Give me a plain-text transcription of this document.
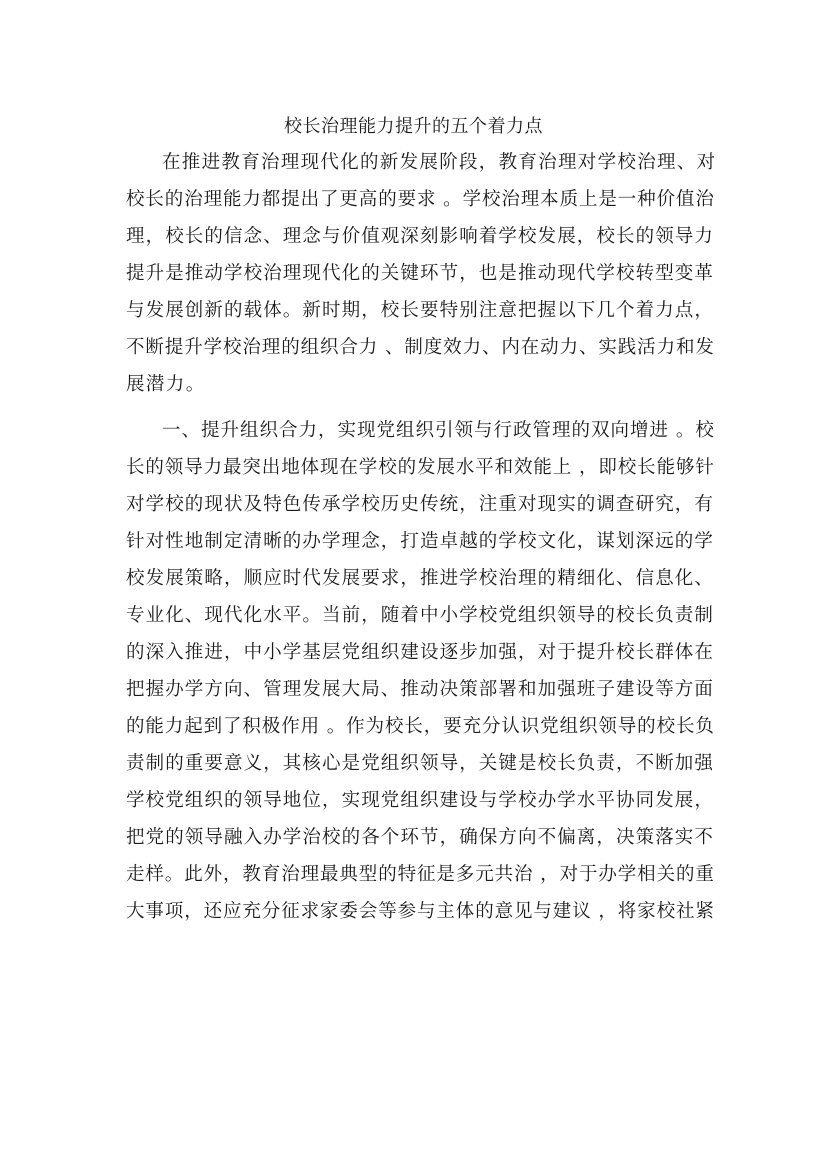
校长治理能力提升的五个着力点

在推进教育治理现代化的新发展阶段，教育治理对学校治理、对

校长的治理能力都提出了更高的要求 。学校治理本质上是一种价值治

理，校长的信念、理念与价值观深刻影响着学校发展，校长的领导力

提升是推动学校治理现代化的关键环节，也是推动现代学校转型变革

与发展创新的载体。新时期，校长要特别注意把握以下几个着力点，

不断提升学校治理的组织合力 、制度效力、内在动力、实践活力和发

展潜力。

一、提升组织合力，实现党组织引领与行政管理的双向增进 。校

长的领导力最突出地体现在学校的发展水平和效能上 ，即校长能够针

对学校的现状及特色传承学校历史传统，注重对现实的调查研究，有

针对性地制定清晰的办学理念，打造卓越的学校文化，谋划深远的学

校发展策略，顺应时代发展要求，推进学校治理的精细化、信息化、

专业化、现代化水平。当前，随着中小学校党组织领导的校长负责制

的深入推进，中小学基层党组织建设逐步加强，对于提升校长群体在

把握办学方向、管理发展大局、推动决策部署和加强班子建设等方面

的能力起到了积极作用 。作为校长，要充分认识党组织领导的校长负

责制的重要意义，其核心是党组织领导，关键是校长负责，不断加强

学校党组织的领导地位，实现党组织建设与学校办学水平协同发展，

把党的领导融入办学治校的各个环节，确保方向不偏离，决策落实不

走样。此外，教育治理最典型的特征是多元共治 ，对于办学相关的重

大事项，还应充分征求家委会等参与主体的意见与建议 ，将家校社紧
